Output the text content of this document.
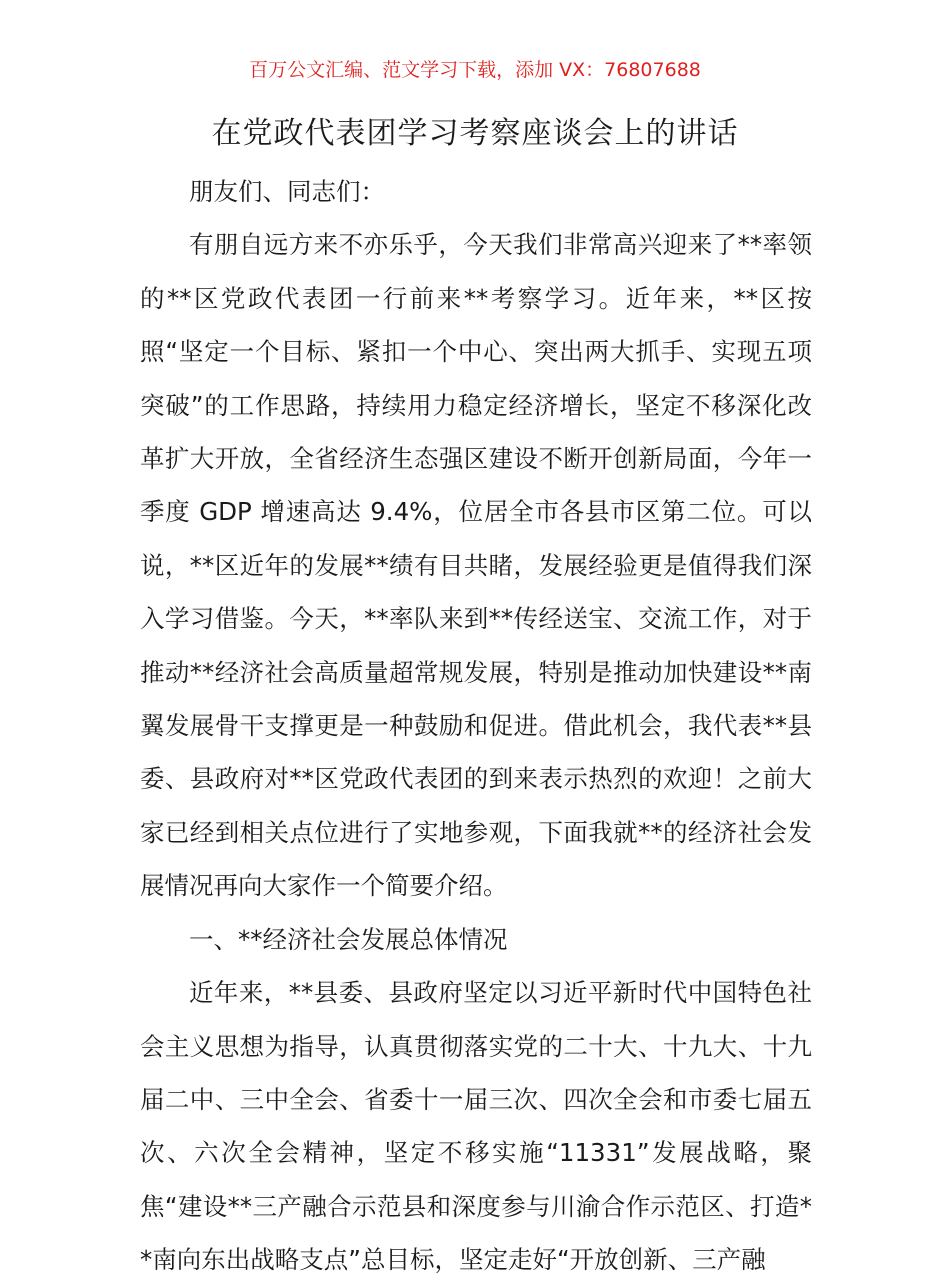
百万公文汇编、范文学习下载，添加 VX：76807688
在党政代表团学习考察座谈会上的讲话

朋友们、同志们：

有朋自远方来不亦乐乎，今天我们非常高兴迎来了**率领的**区党政代表团一行前来**考察学习。近年来，**区按照“坚定一个目标、紧扣一个中心、突出两大抓手、实现五项突破”的工作思路，持续用力稳定经济增长，坚定不移深化改革扩大开放，全省经济生态强区建设不断开创新局面，今年一季度 GDP 增速高达 9.4%，位居全市各县市区第二位。可以说，**区近年的发展**绩有目共睹，发展经验更是值得我们深入学习借鉴。今天，**率队来到**传经送宝、交流工作，对于推动**经济社会高质量超常规发展，特别是推动加快建设**南翼发展骨干支撑更是一种鼓励和促进。借此机会，我代表**县委、县政府对**区党政代表团的到来表示热烈的欢迎！之前大家已经到相关点位进行了实地参观，下面我就**的经济社会发展情况再向大家作一个简要介绍。

一、**经济社会发展总体情况

近年来，**县委、县政府坚定以习近平新时代中国特色社会主义思想为指导，认真贯彻落实党的二十大、十九大、十九届二中、三中全会、省委十一届三次、四次全会和市委七届五次、六次全会精神，坚定不移实施“11331”发展战略，聚焦“建设**三产融合示范县和深度参与川渝合作示范区、打造**南向东出战略支点”总目标，坚定走好“开放创新、三产融
